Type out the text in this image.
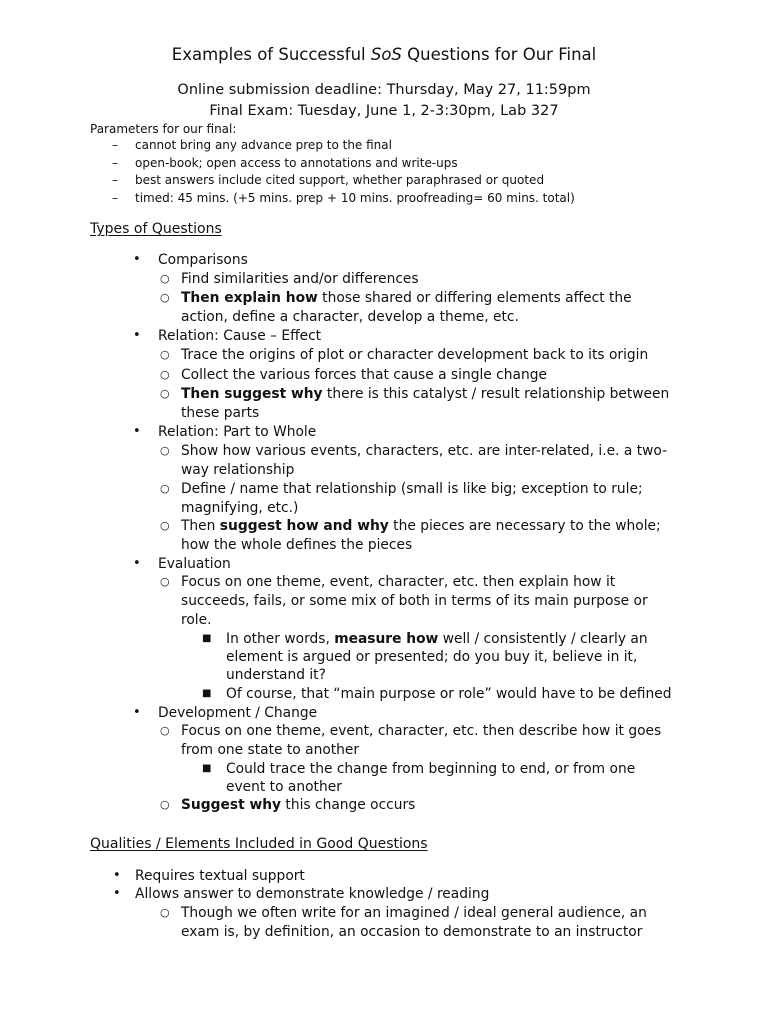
Examples of Successful SoS Questions for Our Final
Online submission deadline: Thursday, May 27, 11:59pm
Final Exam: Tuesday, June 1, 2-3:30pm, Lab 327
Parameters for our final:
– cannot bring any advance prep to the final
– open-book; open access to annotations and write-ups
– best answers include cited support, whether paraphrased or quoted
– timed: 45 mins. (+5 mins. prep + 10 mins. proofreading= 60 mins. total)
Types of Questions
• Comparisons
○ Find similarities and/or differences
○ Then explain how those shared or differing elements affect the
action, define a character, develop a theme, etc.
• Relation: Cause – Effect
○ Trace the origins of plot or character development back to its origin
○ Collect the various forces that cause a single change
○ Then suggest why there is this catalyst / result relationship between
these parts
• Relation: Part to Whole
○ Show how various events, characters, etc. are inter-related, i.e. a two-
way relationship
○ Define / name that relationship (small is like big; exception to rule;
magnifying, etc.)
○ Then suggest how and why the pieces are necessary to the whole;
how the whole defines the pieces
• Evaluation
○ Focus on one theme, event, character, etc. then explain how it
succeeds, fails, or some mix of both in terms of its main purpose or
role.
■ In other words, measure how well / consistently / clearly an
element is argued or presented; do you buy it, believe in it,
understand it?
■ Of course, that “main purpose or role” would have to be defined
• Development / Change
○ Focus on one theme, event, character, etc. then describe how it goes
from one state to another
■ Could trace the change from beginning to end, or from one
event to another
○ Suggest why this change occurs
Qualities / Elements Included in Good Questions
• Requires textual support
• Allows answer to demonstrate knowledge / reading
○ Though we often write for an imagined / ideal general audience, an
exam is, by definition, an occasion to demonstrate to an instructor
